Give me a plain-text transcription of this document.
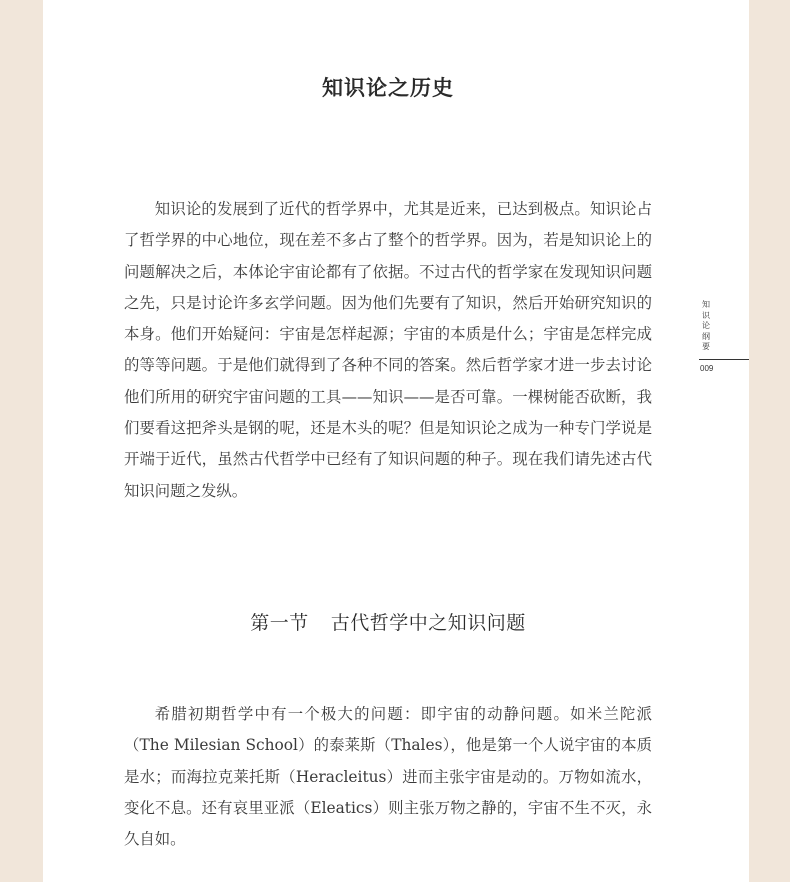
知识论之历史

知识论的发展到了近代的哲学界中，尤其是近来，已达到极点。知识论占了哲学界的中心地位，现在差不多占了整个的哲学界。因为，若是知识论上的问题解决之后，本体论宇宙论都有了依据。不过古代的哲学家在发现知识问题之先，只是讨论许多玄学问题。因为他们先要有了知识，然后开始研究知识的本身。他们开始疑问：宇宙是怎样起源；宇宙的本质是什么；宇宙是怎样完成的等等问题。于是他们就得到了各种不同的答案。然后哲学家才进一步去讨论他们所用的研究宇宙问题的工具——知识——是否可靠。一棵树能否砍断，我们要看这把斧头是钢的呢，还是木头的呢？但是知识论之成为一种专门学说是开端于近代，虽然古代哲学中已经有了知识问题的种子。现在我们请先述古代知识问题之发纵。

第一节 古代哲学中之知识问题

希腊初期哲学中有一个极大的问题：即宇宙的动静问题。如米兰陀派（The Milesian School）的泰莱斯（Thales），他是第一个人说宇宙的本质是水；而海拉克莱托斯（Heracleitus）进而主张宇宙是动的。万物如流水，变化不息。还有哀里亚派（Eleatics）则主张万物之静的，宇宙不生不灭，永久自如。

知识论纲要
009
